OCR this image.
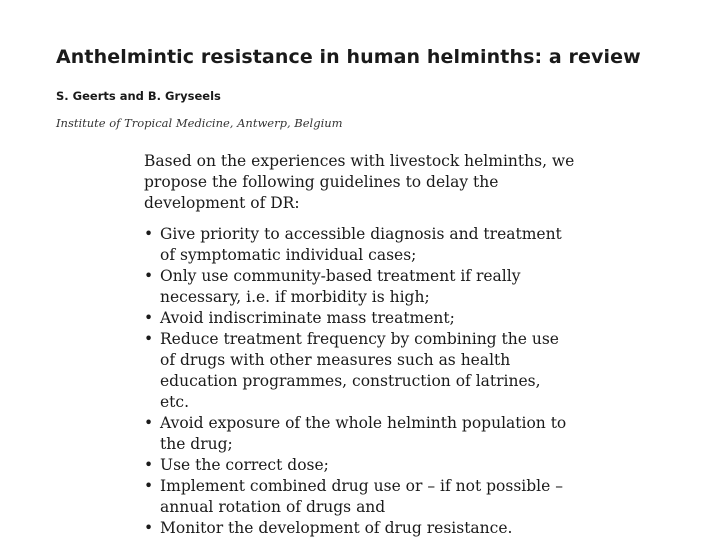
Anthelmintic resistance in human helminths: a review
S. Geerts and B. Gryseels
Institute of Tropical Medicine, Antwerp, Belgium

Based on the experiences with livestock helminths, we propose the following guidelines to delay the development of DR:

• Give priority to accessible diagnosis and treatment of symptomatic individual cases;
• Only use community-based treatment if really necessary, i.e. if morbidity is high;
• Avoid indiscriminate mass treatment;
• Reduce treatment frequency by combining the use of drugs with other measures such as health education programmes, construction of latrines, etc.
• Avoid exposure of the whole helminth population to the drug;
• Use the correct dose;
• Implement combined drug use or – if not possible – annual rotation of drugs and
• Monitor the development of drug resistance.
